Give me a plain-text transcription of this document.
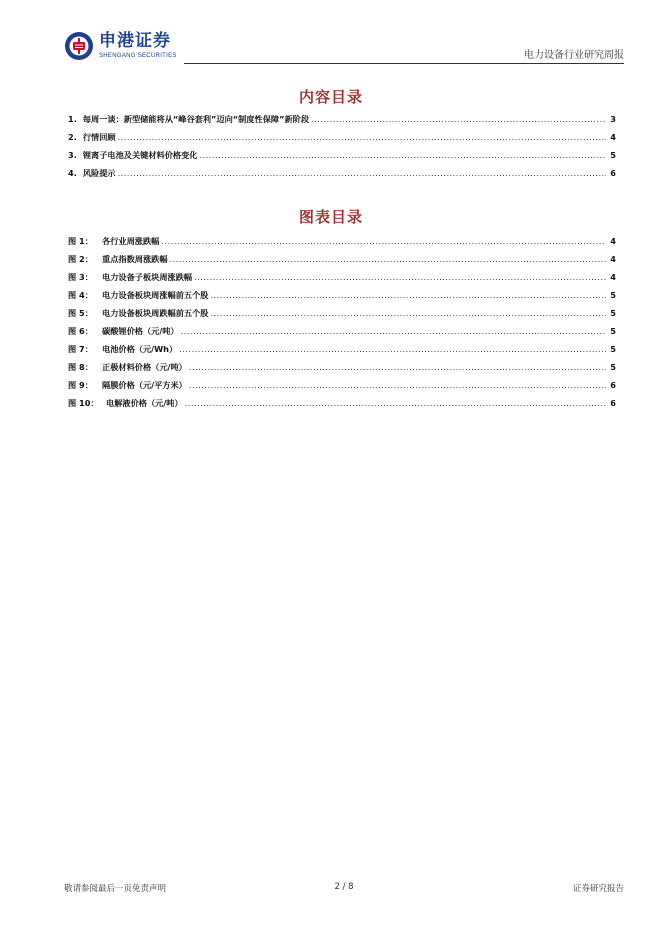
申港证券
SHENGANG SECURITIES	电力设备行业研究周报
内容目录
1. 每周一谈：新型储能将从“峰谷套利”迈向“制度性保障”新阶段 .....	3
2. 行情回顾 .....	4
3. 锂离子电池及关键材料价格变化 .....	5
4. 风险提示 .....	6
图表目录
图 1：	各行业周涨跌幅 .....	4
图 2：	重点指数周涨跌幅 .....	4
图 3：	电力设备子板块周涨跌幅 .....	4
图 4：	电力设备板块周涨幅前五个股 .....	5
图 5：	电力设备板块周跌幅前五个股 .....	5
图 6：	碳酸锂价格（元/吨） .....	5
图 7：	电池价格（元/Wh） .....	5
图 8：	正极材料价格（元/吨） .....	5
图 9：	隔膜价格（元/平方米） .....	6
图 10： 电解液价格（元/吨） .....	6
敬请参阅最后一页免责声明	2 / 8	证券研究报告
